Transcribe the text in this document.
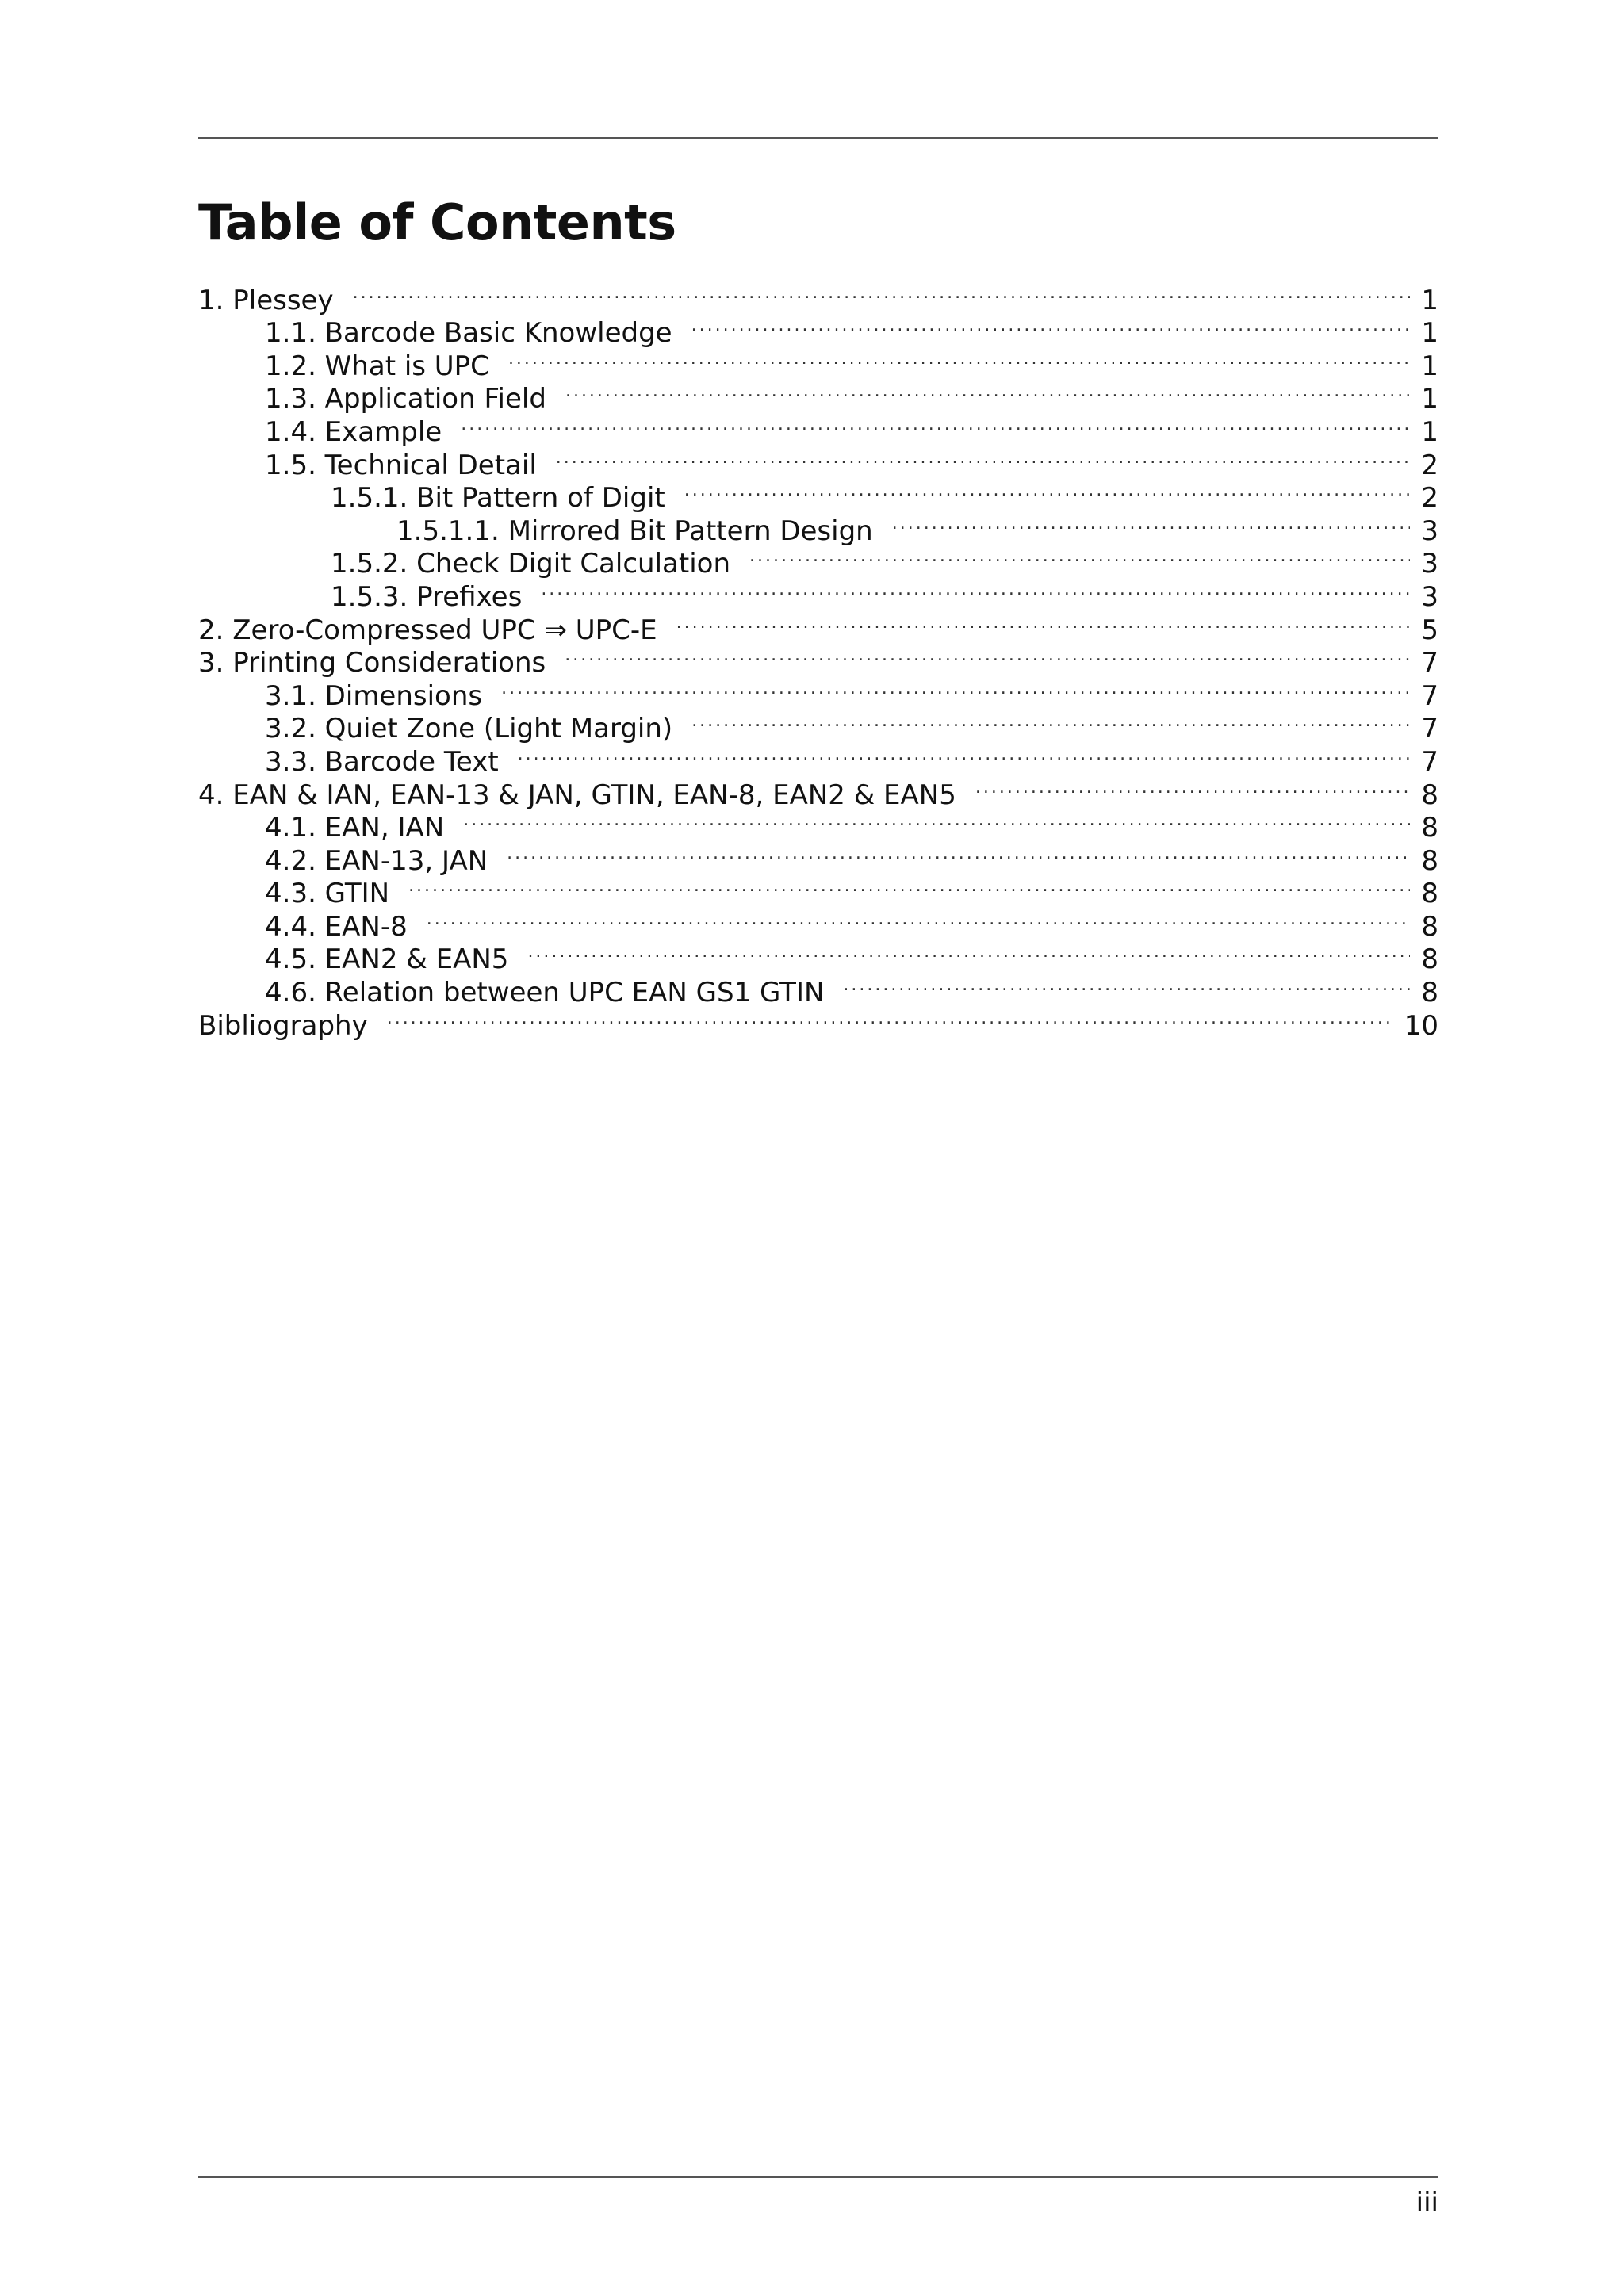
Table of Contents
1. Plessey .....	1
1.1. Barcode Basic Knowledge .....	1
1.2. What is UPC .....	1
1.3. Application Field .....	1
1.4. Example .....	1
1.5. Technical Detail .....	2
1.5.1. Bit Pattern of Digit .....	2
1.5.1.1. Mirrored Bit Pattern Design .....	3
1.5.2. Check Digit Calculation .....	3
1.5.3. Prefixes .....	3
2. Zero-Compressed UPC ⇒ UPC-E .....	5
3. Printing Considerations .....	7
3.1. Dimensions .....	7
3.2. Quiet Zone (Light Margin) .....	7
3.3. Barcode Text .....	7
4. EAN & IAN, EAN-13 & JAN, GTIN, EAN-8, EAN2 & EAN5 .....	8
4.1. EAN, IAN .....	8
4.2. EAN-13, JAN .....	8
4.3. GTIN .....	8
4.4. EAN-8 .....	8
4.5. EAN2 & EAN5 .....	8
4.6. Relation between UPC EAN GS1 GTIN .....	8
Bibliography .....	10
iii
